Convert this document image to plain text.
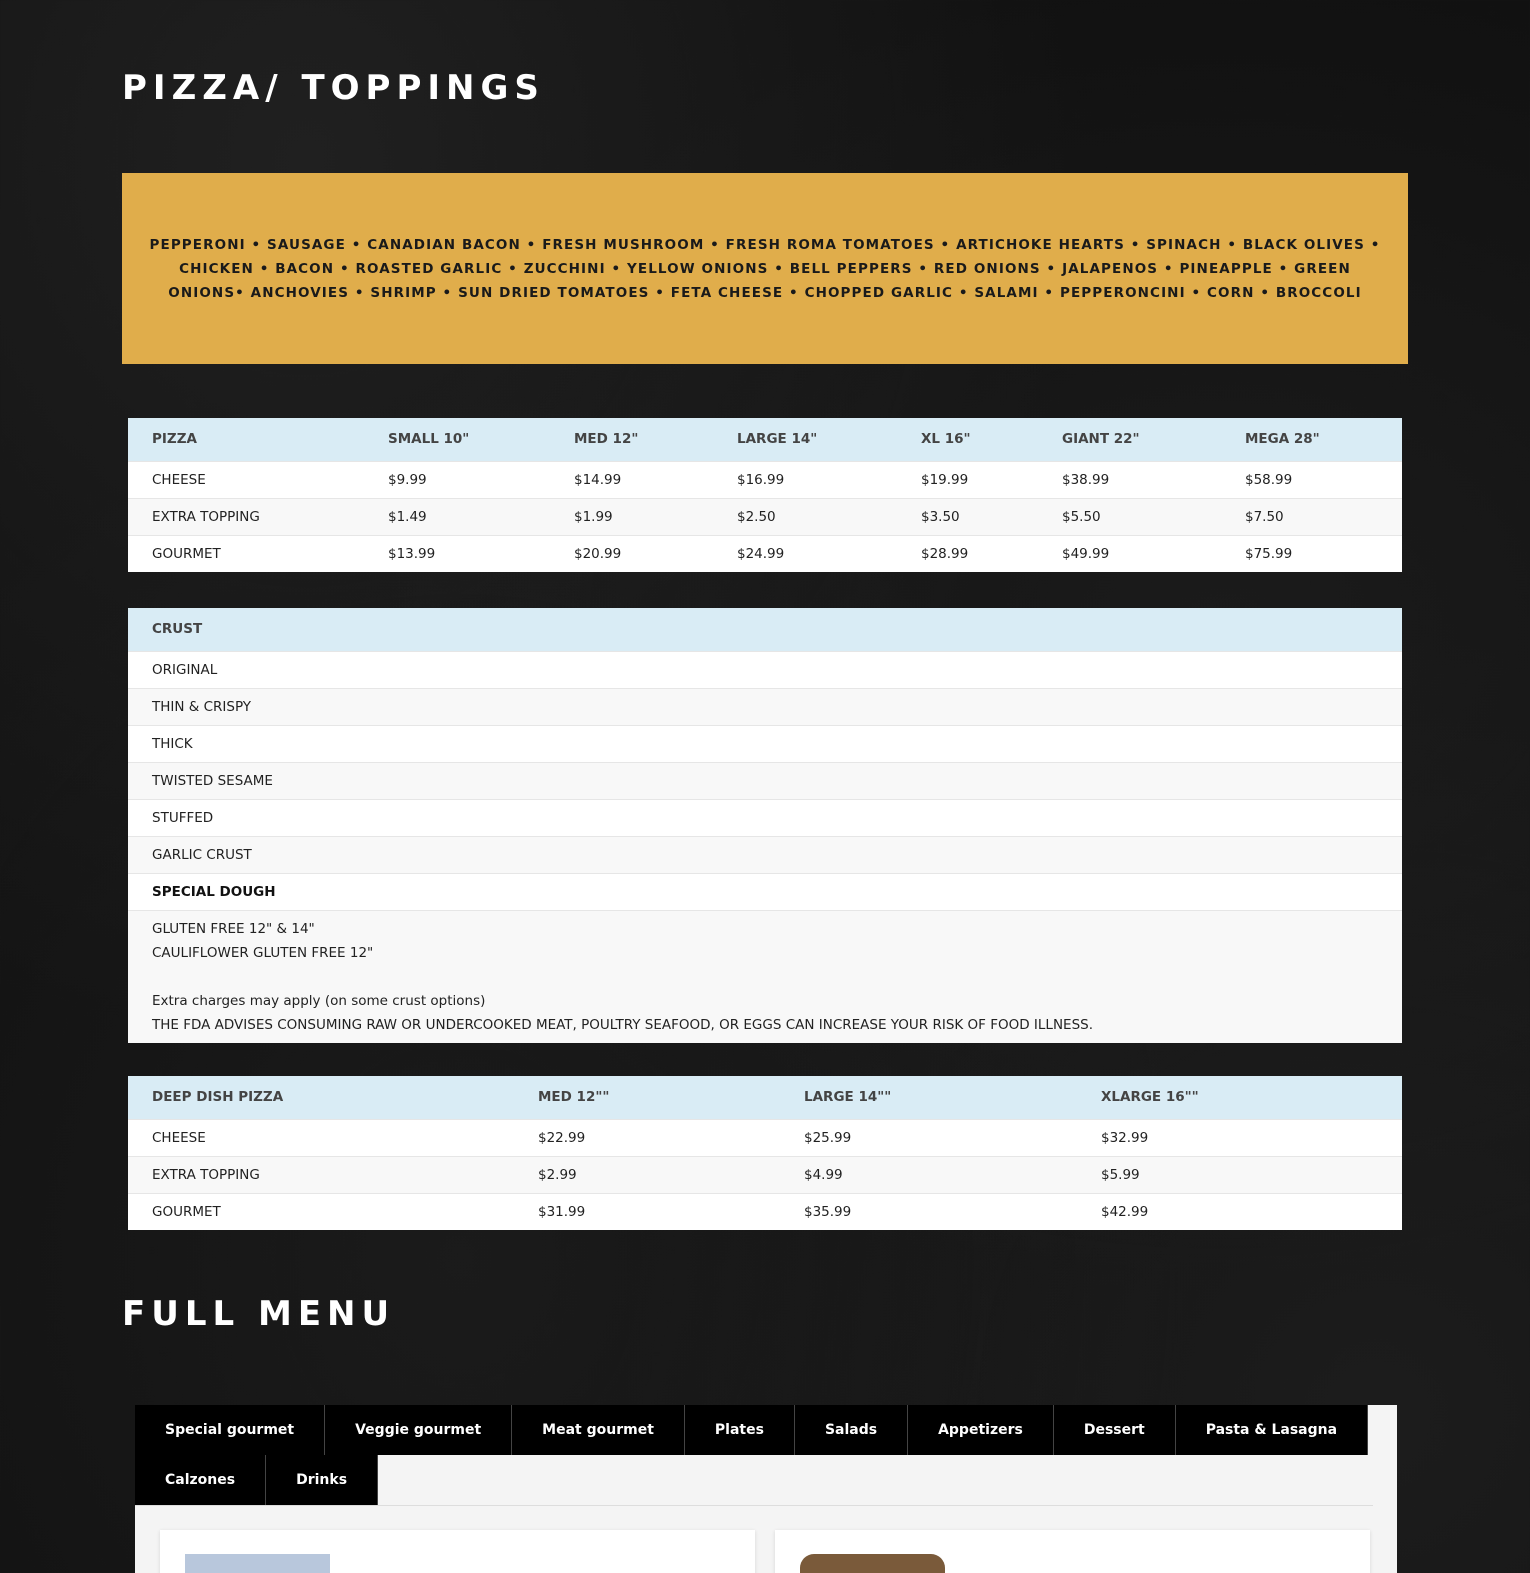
PIZZA/ TOPPINGS

PEPPERONI • SAUSAGE • CANADIAN BACON • FRESH MUSHROOM • FRESH ROMA TOMATOES • ARTICHOKE HEARTS • SPINACH • BLACK OLIVES • CHICKEN • BACON • ROASTED GARLIC • ZUCCHINI • YELLOW ONIONS • BELL PEPPERS • RED ONIONS • JALAPENOS • PINEAPPLE • GREEN ONIONS• ANCHOVIES • SHRIMP • SUN DRIED TOMATOES • FETA CHEESE • CHOPPED GARLIC • SALAMI • PEPPERONCINI • CORN • BROCCOLI

PIZZA	SMALL 10"	MED 12"	LARGE 14"	XL 16"	GIANT 22"	MEGA 28"
CHEESE	$9.99	$14.99	$16.99	$19.99	$38.99	$58.99
EXTRA TOPPING	$1.49	$1.99	$2.50	$3.50	$5.50	$7.50
GOURMET	$13.99	$20.99	$24.99	$28.99	$49.99	$75.99
CRUST
ORIGINAL
THIN & CRISPY
THICK
TWISTED SESAME
STUFFED
GARLIC CRUST
SPECIAL DOUGH

GLUTEN FREE 12" & 14"
CAULIFLOWER GLUTEN FREE 12"
Extra charges may apply (on some crust options)
THE FDA ADVISES CONSUMING RAW OR UNDERCOOKED MEAT, POULTRY SEAFOOD, OR EGGS CAN INCREASE YOUR RISK OF FOOD ILLNESS.
DEEP DISH PIZZA	MED 12""	LARGE 14""	XLARGE 16""
CHEESE	$22.99	$25.99	$32.99
EXTRA TOPPING	$2.99	$4.99	$5.99
GOURMET	$31.99	$35.99	$42.99
FULL MENU
Special gourmet	Veggie gourmet	Meat gourmet	Plates	Salads	Appetizers	Dessert	Pasta & Lasagna
Calzones	Drinks
